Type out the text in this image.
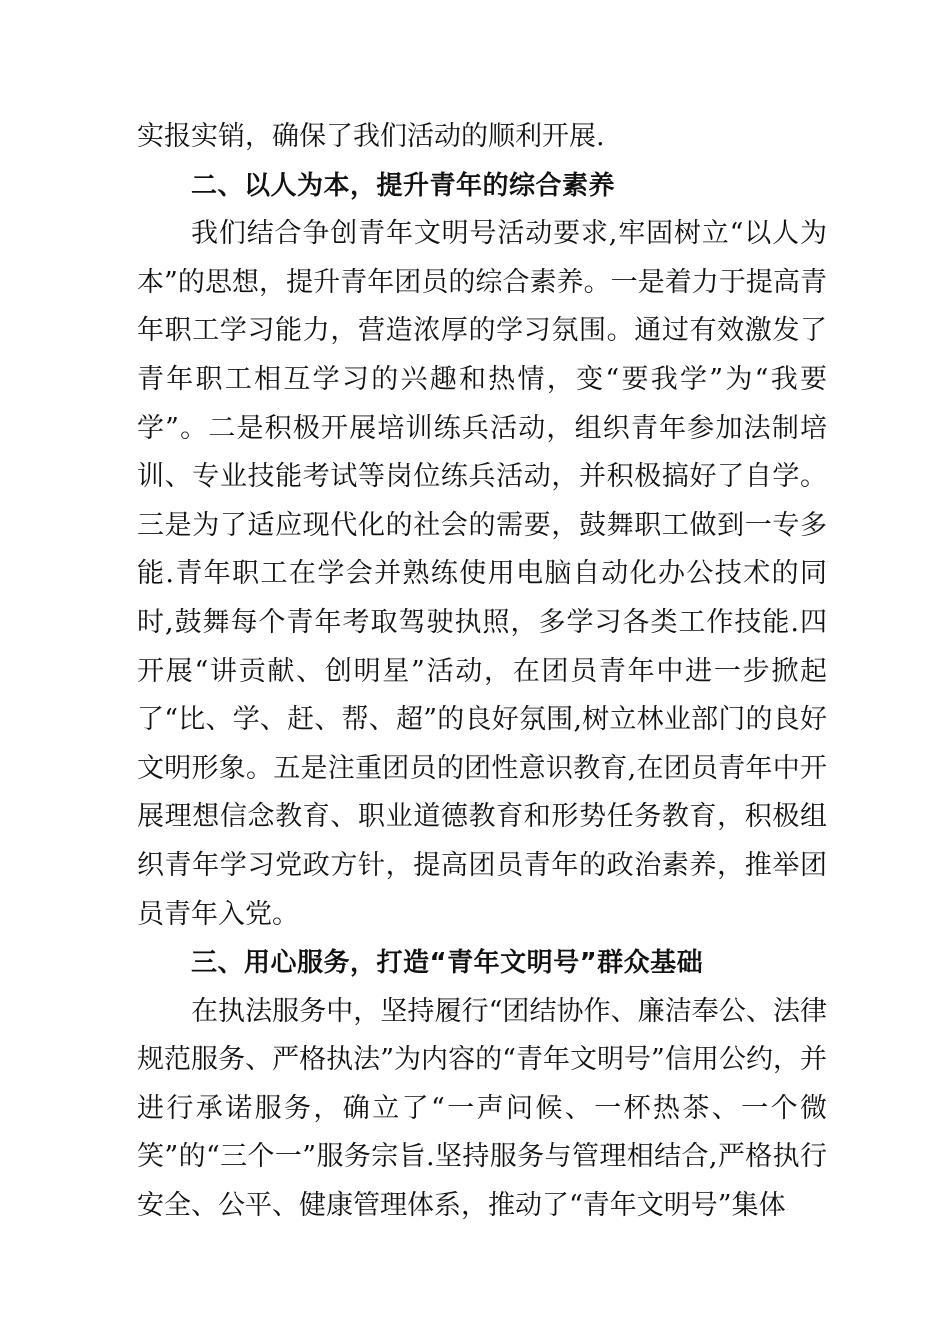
实报实销，确保了我们活动的顺利开展.

二、以人为本，提升青年的综合素养

我们结合争创青年文明号活动要求,牢固树立“以人为本”的思想，提升青年团员的综合素养。一是着力于提高青年职工学习能力，营造浓厚的学习氛围。通过有效激发了青年职工相互学习的兴趣和热情，变“要我学”为“我要学”。二是积极开展培训练兵活动，组织青年参加法制培训、专业技能考试等岗位练兵活动，并积极搞好了自学。三是为了适应现代化的社会的需要，鼓舞职工做到一专多能.青年职工在学会并熟练使用电脑自动化办公技术的同时,鼓舞每个青年考取驾驶执照，多学习各类工作技能.四开展“讲贡献、创明星”活动，在团员青年中进一步掀起了“比、学、赶、帮、超”的良好氛围,树立林业部门的良好文明形象。五是注重团员的团性意识教育,在团员青年中开展理想信念教育、职业道德教育和形势任务教育，积极组织青年学习党政方针，提高团员青年的政治素养，推举团员青年入党。

三、用心服务，打造“青年文明号”群众基础

在执法服务中，坚持履行“团结协作、廉洁奉公、法律规范服务、严格执法”为内容的“青年文明号”信用公约，并进行承诺服务，确立了“一声问候、一杯热茶、一个微笑”的“三个一”服务宗旨.坚持服务与管理相结合,严格执行安全、公平、健康管理体系，推动了“青年文明号”集体
